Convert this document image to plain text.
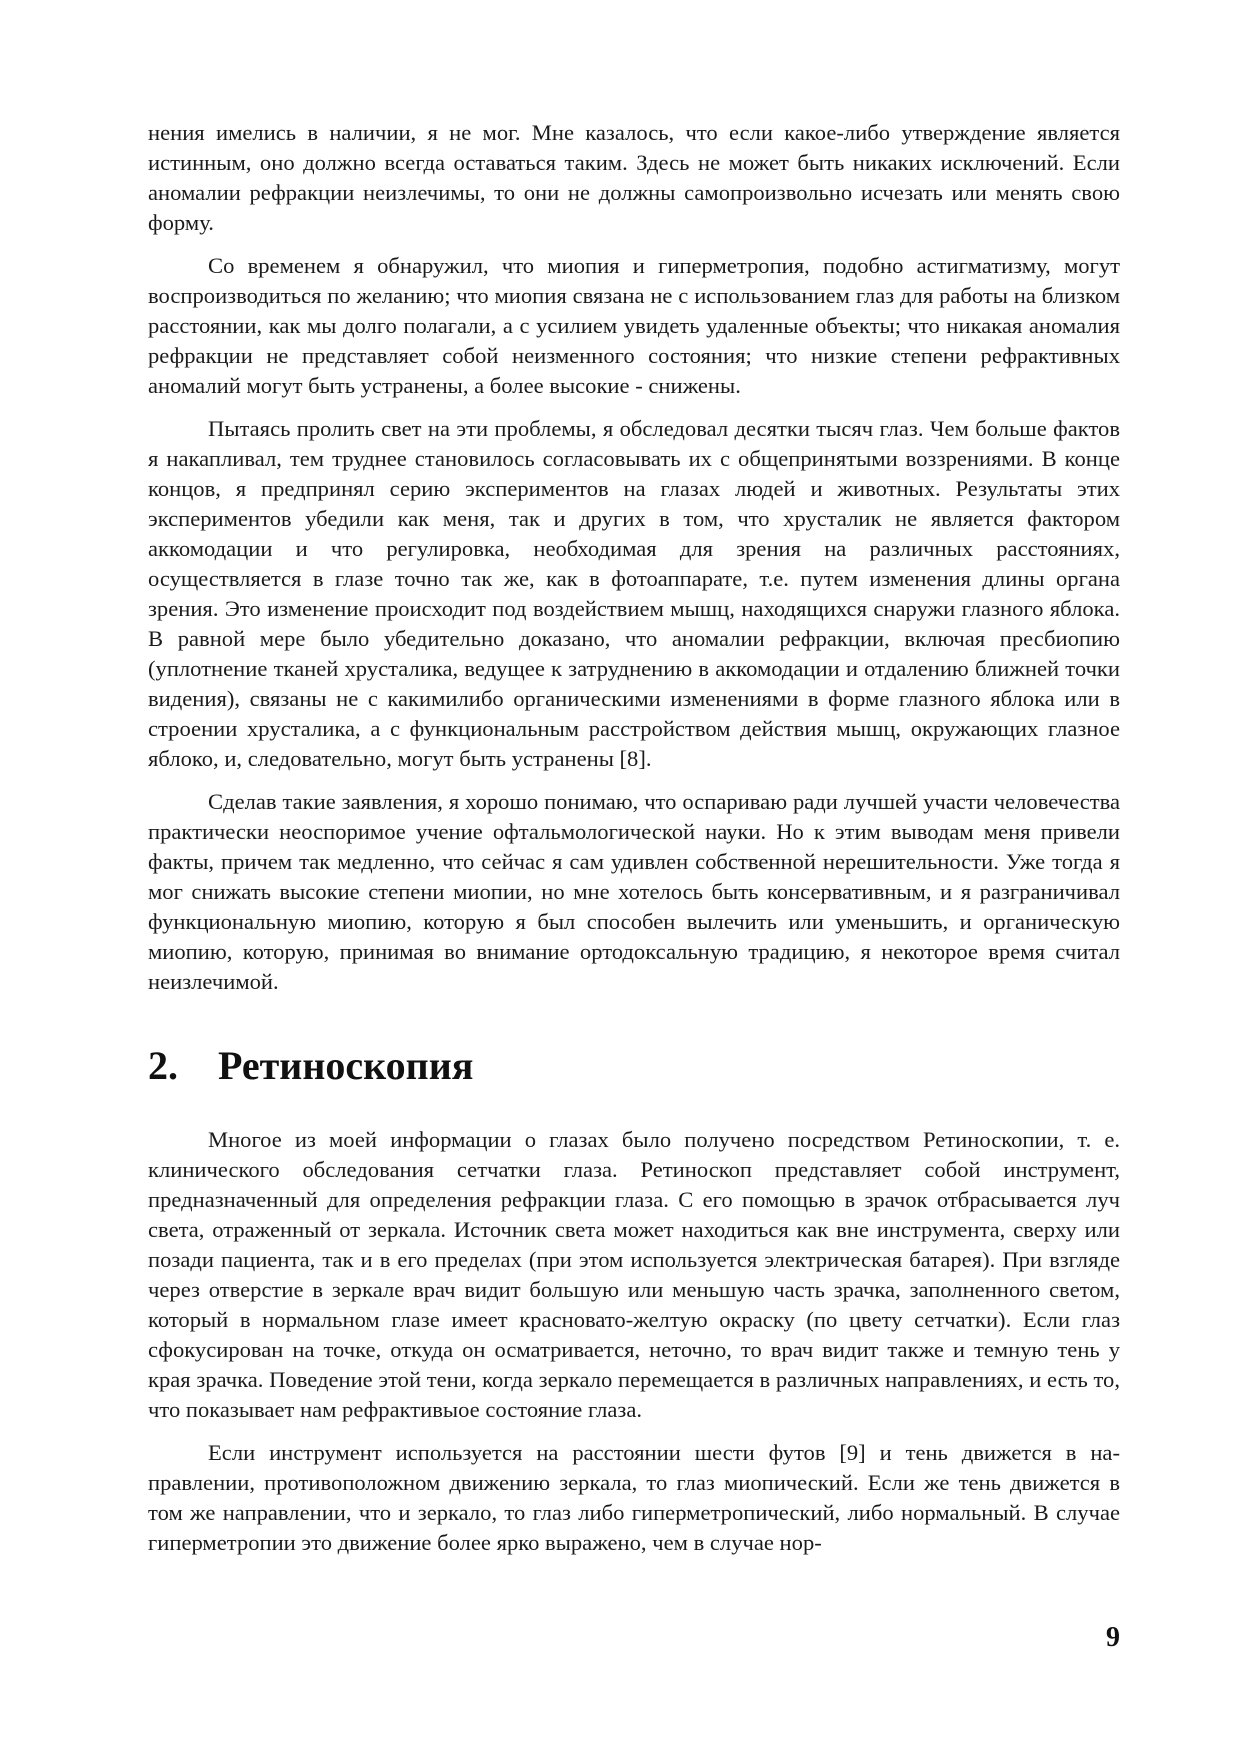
нения имелись в наличии, я не мог. Мне казалось, что если какое-либо утверждение является истинным, оно должно всегда оставаться таким. Здесь не может быть никаких исключений. Если аномалии рефракции неизлечимы, то они не должны самопроизвольно исчезать или менять свою форму.

Со временем я обнаружил, что миопия и гиперметропия, подобно астигматизму, могут воспроизводиться по желанию; что миопия связана не с использованием глаз для работы на близком расстоянии, как мы долго полагали, а с усилием увидеть удаленные объекты; что никакая аномалия рефракции не представляет собой неизменного состояния; что низкие степени рефрактивных аномалий могут быть устранены, а более высокие - снижены.

Пытаясь пролить свет на эти проблемы, я обследовал десятки тысяч глаз. Чем больше фактов я накапливал, тем труднее становилось согласовывать их с общепринятыми воззрениями. В конце концов, я предпринял серию экспериментов на глазах людей и животных. Результаты этих экспериментов убедили как меня, так и других в том, что хрусталик не является фактором аккомодации и что регулировка, необходимая для зрения на различных расстояниях, осуществляется в глазе точно так же, как в фотоаппарате, т.е. путем изменения длины органа зрения. Это изменение происходит под воздействием мышц, находящихся снаружи глазного яблока. В равной мере было убедительно доказано, что аномалии рефракции, включая пресбиопию (уплотнение тканей хрусталика, ведущее к затруднению в аккомодации и отдалению ближней точки видения), связаны не с какимилибо органическими изменениями в форме глазного яблока или в строении хрусталика, а с функциональным расстройством действия мышц, окружающих глазное яблоко, и, следовательно, могут быть устранены [8].

Сделав такие заявления, я хорошо понимаю, что оспариваю ради лучшей участи человечества практически неоспоримое учение офтальмологической науки. Но к этим выводам меня привели факты, причем так медленно, что сейчас я сам удивлен собственной нерешительности. Уже тогда я мог снижать высокие степени миопии, но мне хотелось быть консервативным, и я разграничивал функциональную миопию, которую я был способен вылечить или уменьшить, и органическую миопию, которую, принимая во внимание ортодоксальную традицию, я некоторое время считал неизлечимой.

2. Ретиноскопия

Многое из моей информации о глазах было получено посредством Ретиноскопии, т. е. клинического обследования сетчатки глаза. Ретиноскоп представляет собой инструмент, предназначенный для определения рефракции глаза. С его помощью в зрачок отбрасывается луч света, отраженный от зеркала. Источник света может находиться как вне инструмента, сверху или позади пациента, так и в его пределах (при этом используется электрическая батарея). При взгляде через отверстие в зеркале врач видит большую или меньшую часть зрачка, заполненного светом, который в нормальном глазе имеет красновато-желтую окраску (по цвету сетчатки). Если глаз сфокусирован на точке, откуда он осматривается, неточно, то врач видит также и темную тень у края зрачка. Поведение этой тени, когда зеркало перемещается в различных направлениях, и есть то, что показывает нам рефрактивыое состояние глаза.

Если инструмент используется на расстоянии шести футов [9] и тень движется в направлении, противоположном движению зеркала, то глаз миопический. Если же тень движется в том же направлении, что и зеркало, то глаз либо гиперметропический, либо нормальный. В случае гиперметропии это движение более ярко выражено, чем в случае нор-

9
